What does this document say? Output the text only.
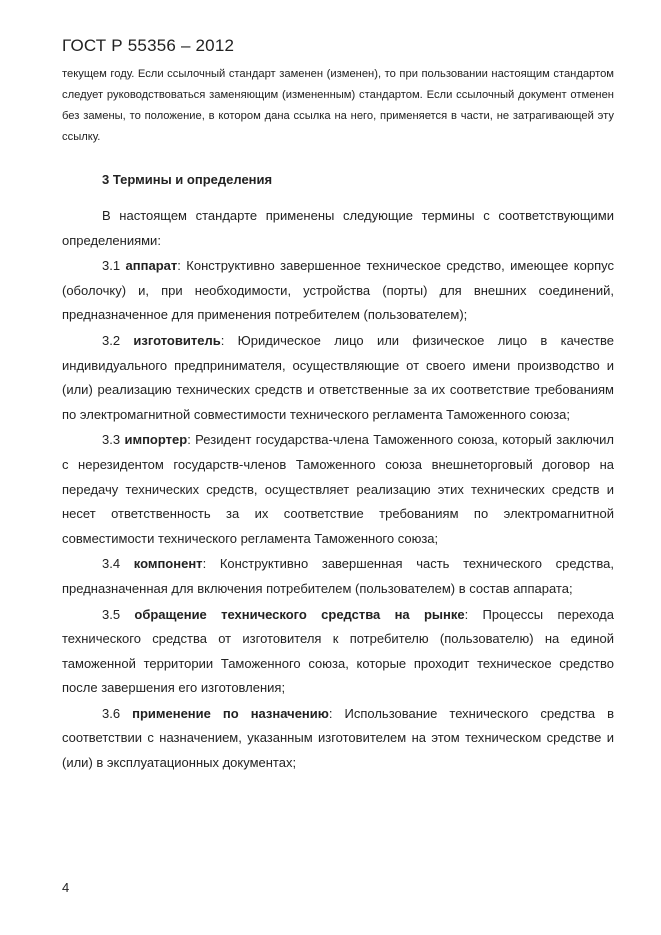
ГОСТ Р 55356 – 2012
текущем году. Если ссылочный стандарт заменен (изменен), то при пользовании настоящим стандартом следует руководствоваться заменяющим (измененным) стандартом. Если ссылочный документ отменен без замены, то положение, в котором дана ссылка на него, применяется в части, не затрагивающей эту ссылку.
3 Термины и определения

В настоящем стандарте применены следующие термины с соответствующими определениями:

3.1 аппарат: Конструктивно завершенное техническое средство, имеющее корпус (оболочку) и, при необходимости, устройства (порты) для внешних соединений, предназначенное для применения потребителем (пользователем);

3.2 изготовитель: Юридическое лицо или физическое лицо в качестве индивидуального предпринимателя, осуществляющие от своего имени производство и (или) реализацию технических средств и ответственные за их соответствие требованиям по электромагнитной совместимости технического регламента Таможенного союза;

3.3 импортер: Резидент государства-члена Таможенного союза, который заключил с нерезидентом государств-членов Таможенного союза внешнеторговый договор на передачу технических средств, осуществляет реализацию этих технических средств и несет ответственность за их соответствие требованиям по электромагнитной совместимости технического регламента Таможенного союза;

3.4 компонент: Конструктивно завершенная часть технического средства, предназначенная для включения потребителем (пользователем) в состав аппарата;

3.5 обращение технического средства на рынке: Процессы перехода технического средства от изготовителя к потребителю (пользователю) на единой таможенной территории Таможенного союза, которые проходит техническое средство после завершения его изготовления;

3.6 применение по назначению: Использование технического средства в соответствии с назначением, указанным изготовителем на этом техническом средстве и (или) в эксплуатационных документах;

4
